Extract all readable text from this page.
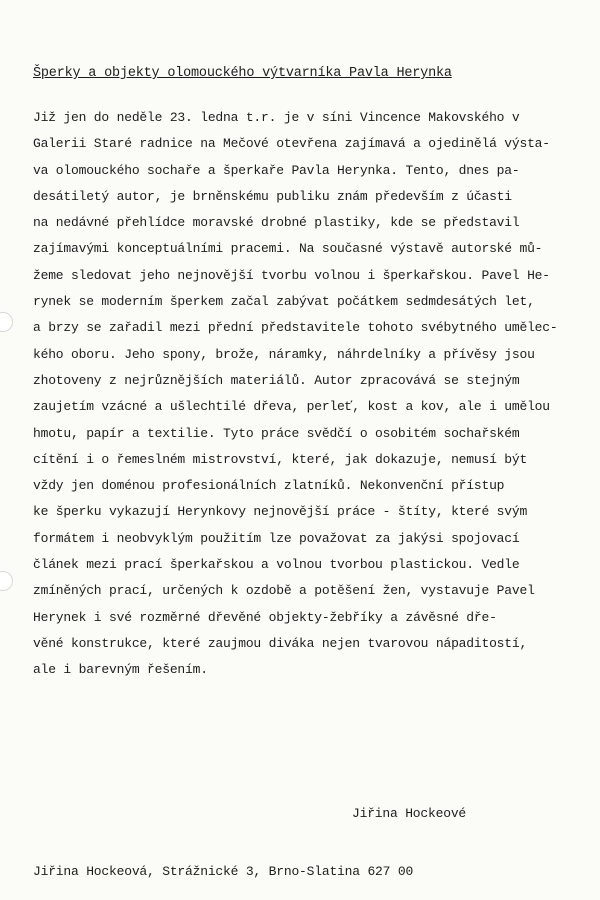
Šperky a objekty olomouckého výtvarníka Pavla Herynka
Již jen do neděle 23. ledna t.r. je v síni Vincence Makovského v
Galerii Staré radnice na Mečové otevřena zajímavá a ojedinělá výsta-
va olomouckého sochaře a šperkaře Pavla Herynka. Tento, dnes pa-
desátiletý autor, je brněnskému publiku znám především z účasti
na nedávné přehlídce moravské drobné plastiky, kde se představil
zajímavými konceptuálními pracemi. Na současné výstavě autorské mů-
žeme sledovat jeho nejnovější tvorbu volnou i šperkařskou. Pavel He-
rynek se moderním šperkem začal zabývat počátkem sedmdesátých let,
a brzy se zařadil mezi přední představitele tohoto svébytného uměleс-
kého oboru. Jeho spony, brože, náramky, náhrdelníky a přívěsy jsou
zhotoveny z nejrůznějších materiálů. Autor zpracovává se stejným
zaujetím vzácné a ušlechtilé dřeva, perleť, kost a kov, ale i umělou
hmotu, papír a textilie. Tyto práce svědčí o osobitém sochařském
cítění i o řemeslném mistrovství, které, jak dokazuje, nemusí být
vždy jen doménou profesionálních zlatníků. Nekonvenční přístup
ke šperku vykazují Herynkovy nejnovější práce - štíty, které svým
formátem i neobvyklým použitím lze považovat za jakýsi spojovací
článek mezi prací šperkařskou a volnou tvorbou plastickou. Vedle
zmíněných prací, určených k ozdobě a potěšení žen, vystavuje Pavel
Herynek i své rozměrné dřevěné objekty-žebříky a závěsné dře-
věné konstrukce, které zaujmou diváka nejen tvarovou nápaditostí,
ale i barevným řešením.
Jiřina Hockeové
Jiřina Hockeová, Strážnické 3, Brno-Slatina 627 00
